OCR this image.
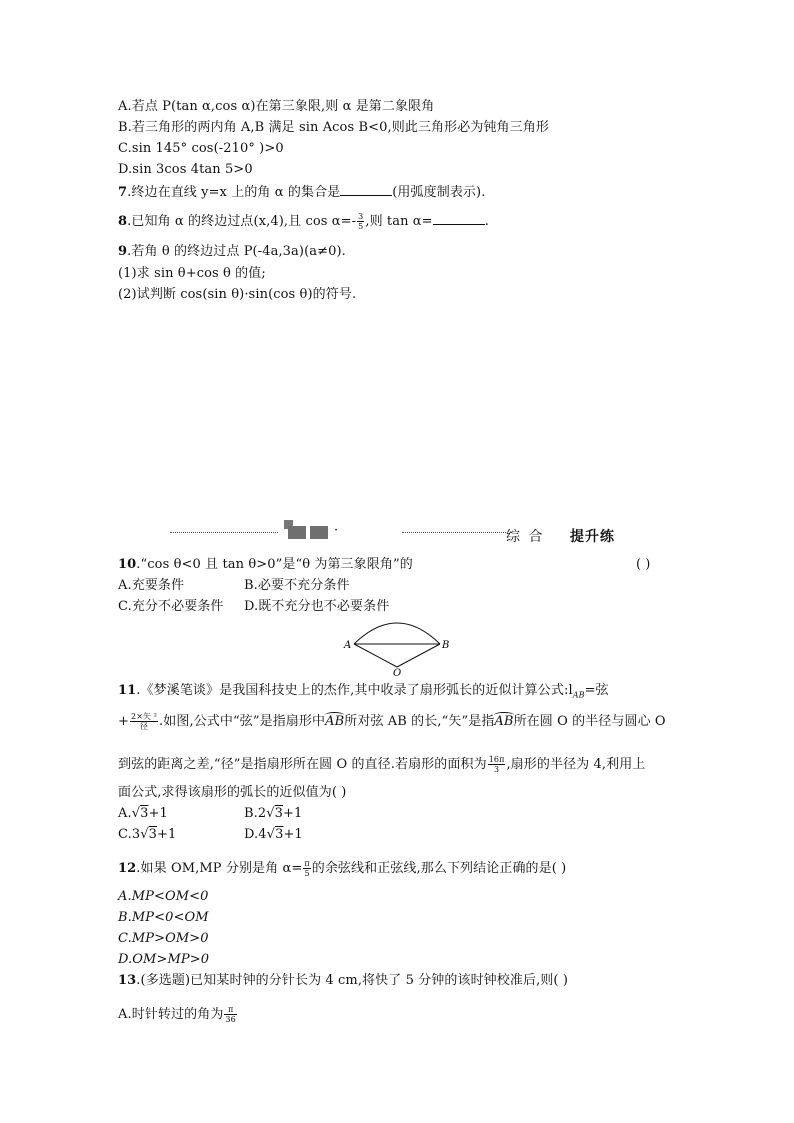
A.若点 P(tan α,cos α)在第三象限,则 α 是第二象限角
B.若三角形的两内角 A,B 满足 sin Acos B<0,则此三角形必为钝角三角形
C.sin 145° cos(-210° )>0
D.sin 3cos 4tan 5>0
7.终边在直线 y=x 上的角 α 的集合是	(用弧度制表示).
8.已知角 α 的终边过点(x,4),且 $\cos \alpha=- \frac{3}{5}$ ,则 tan α=	.
9.若角 θ 的终边过点 P(-4a,3a)(a≠0).
(1)求 sin θ+cos θ 的值;
(2)试判断 cos(sin θ)·sin(cos θ)的符号.
·	综 合 提升练
10.“cos θ<0 且 tan θ>0”是“θ 为第三象限角”的	( )
A.充要条件	B.必要不充分条件
C.充分不必要条件 D.既不充分也不必要条件
A	B
O
11.《梦溪笔谈》是我国科技史上的杰作,其中收录了扇形弧长的近似计算公式$:l_{AB}=$弦
+ $\frac{\text{2×矢 ²}}{\text{径}}$ .如图,公式中“弦”是指扇形中AB所对弦 AB 的长,“矢”是指AB所在圆 O 的半径与圆心 O
到弦的距离之差,“径”是指扇形所在圆 O 的直径.若扇形的面积为 $\frac{16\pi}{3}$ ,扇形的半径为 4,利用上
面公式,求得该扇形的弧长的近似值为( )
A.√3+1	B.2√3+1
C.3√3+1	D.4√3+1
12.如果 OM,MP 分别是角 $\alpha= \frac{\pi}{5}$ 的余弦线和正弦线,那么下列结论正确的是( )
A.MP<OM<0
B.MP<0<OM
C.MP>OM>0
D.OM>MP>0
13.(多选题)已知某时钟的分针长为 4 cm,将快了 5 分钟的该时钟校准后,则( )
A.时针转过的角为 $\frac{\pi}{36}$
